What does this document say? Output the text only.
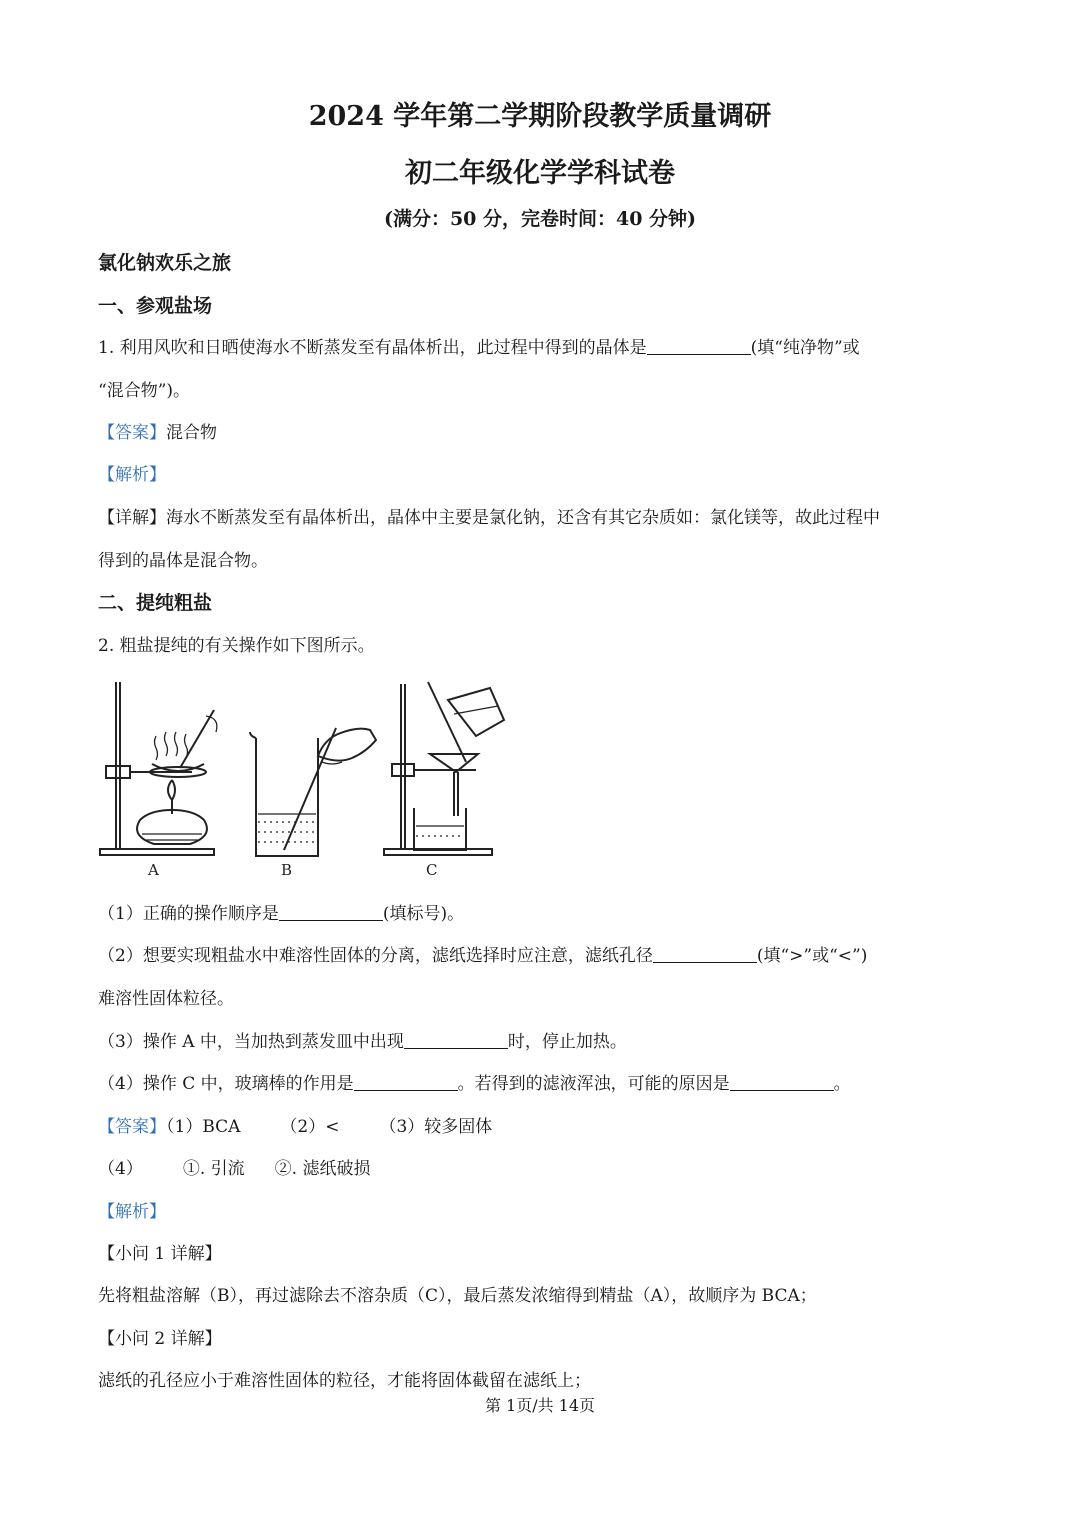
2024 学年第二学期阶段教学质量调研
初二年级化学学科试卷
(满分：50 分，完卷时间：40 分钟)
氯化钠欢乐之旅
一、参观盐场
1. 利用风吹和日晒使海水不断蒸发至有晶体析出，此过程中得到的晶体是	(填“纯净物”或
“混合物”)。
【答案】混合物
【解析】
【详解】海水不断蒸发至有晶体析出，晶体中主要是氯化钠，还含有其它杂质如：氯化镁等，故此过程中
得到的晶体是混合物。
二、提纯粗盐
2. 粗盐提纯的有关操作如下图所示。
A	B	C
（1）正确的操作顺序是	(填标号)。
（2）想要实现粗盐水中难溶性固体的分离，滤纸选择时应注意，滤纸孔径	(填“>”或“<”)
难溶性固体粒径。
（3）操作 A 中，当加热到蒸发皿中出现	时，停止加热。
（4）操作 C 中，玻璃棒的作用是	。若得到的滤液浑浊，可能的原因是	。
【答案】（1）BCA （2）< （3）较多固体
（4） ①. 引流 ②. 滤纸破损
【解析】
【小问 1 详解】
先将粗盐溶解（B），再过滤除去不溶杂质（C），最后蒸发浓缩得到精盐（A），故顺序为 BCA；
【小问 2 详解】
滤纸的孔径应小于难溶性固体的粒径，才能将固体截留在滤纸上；
第 1页/共 14页
